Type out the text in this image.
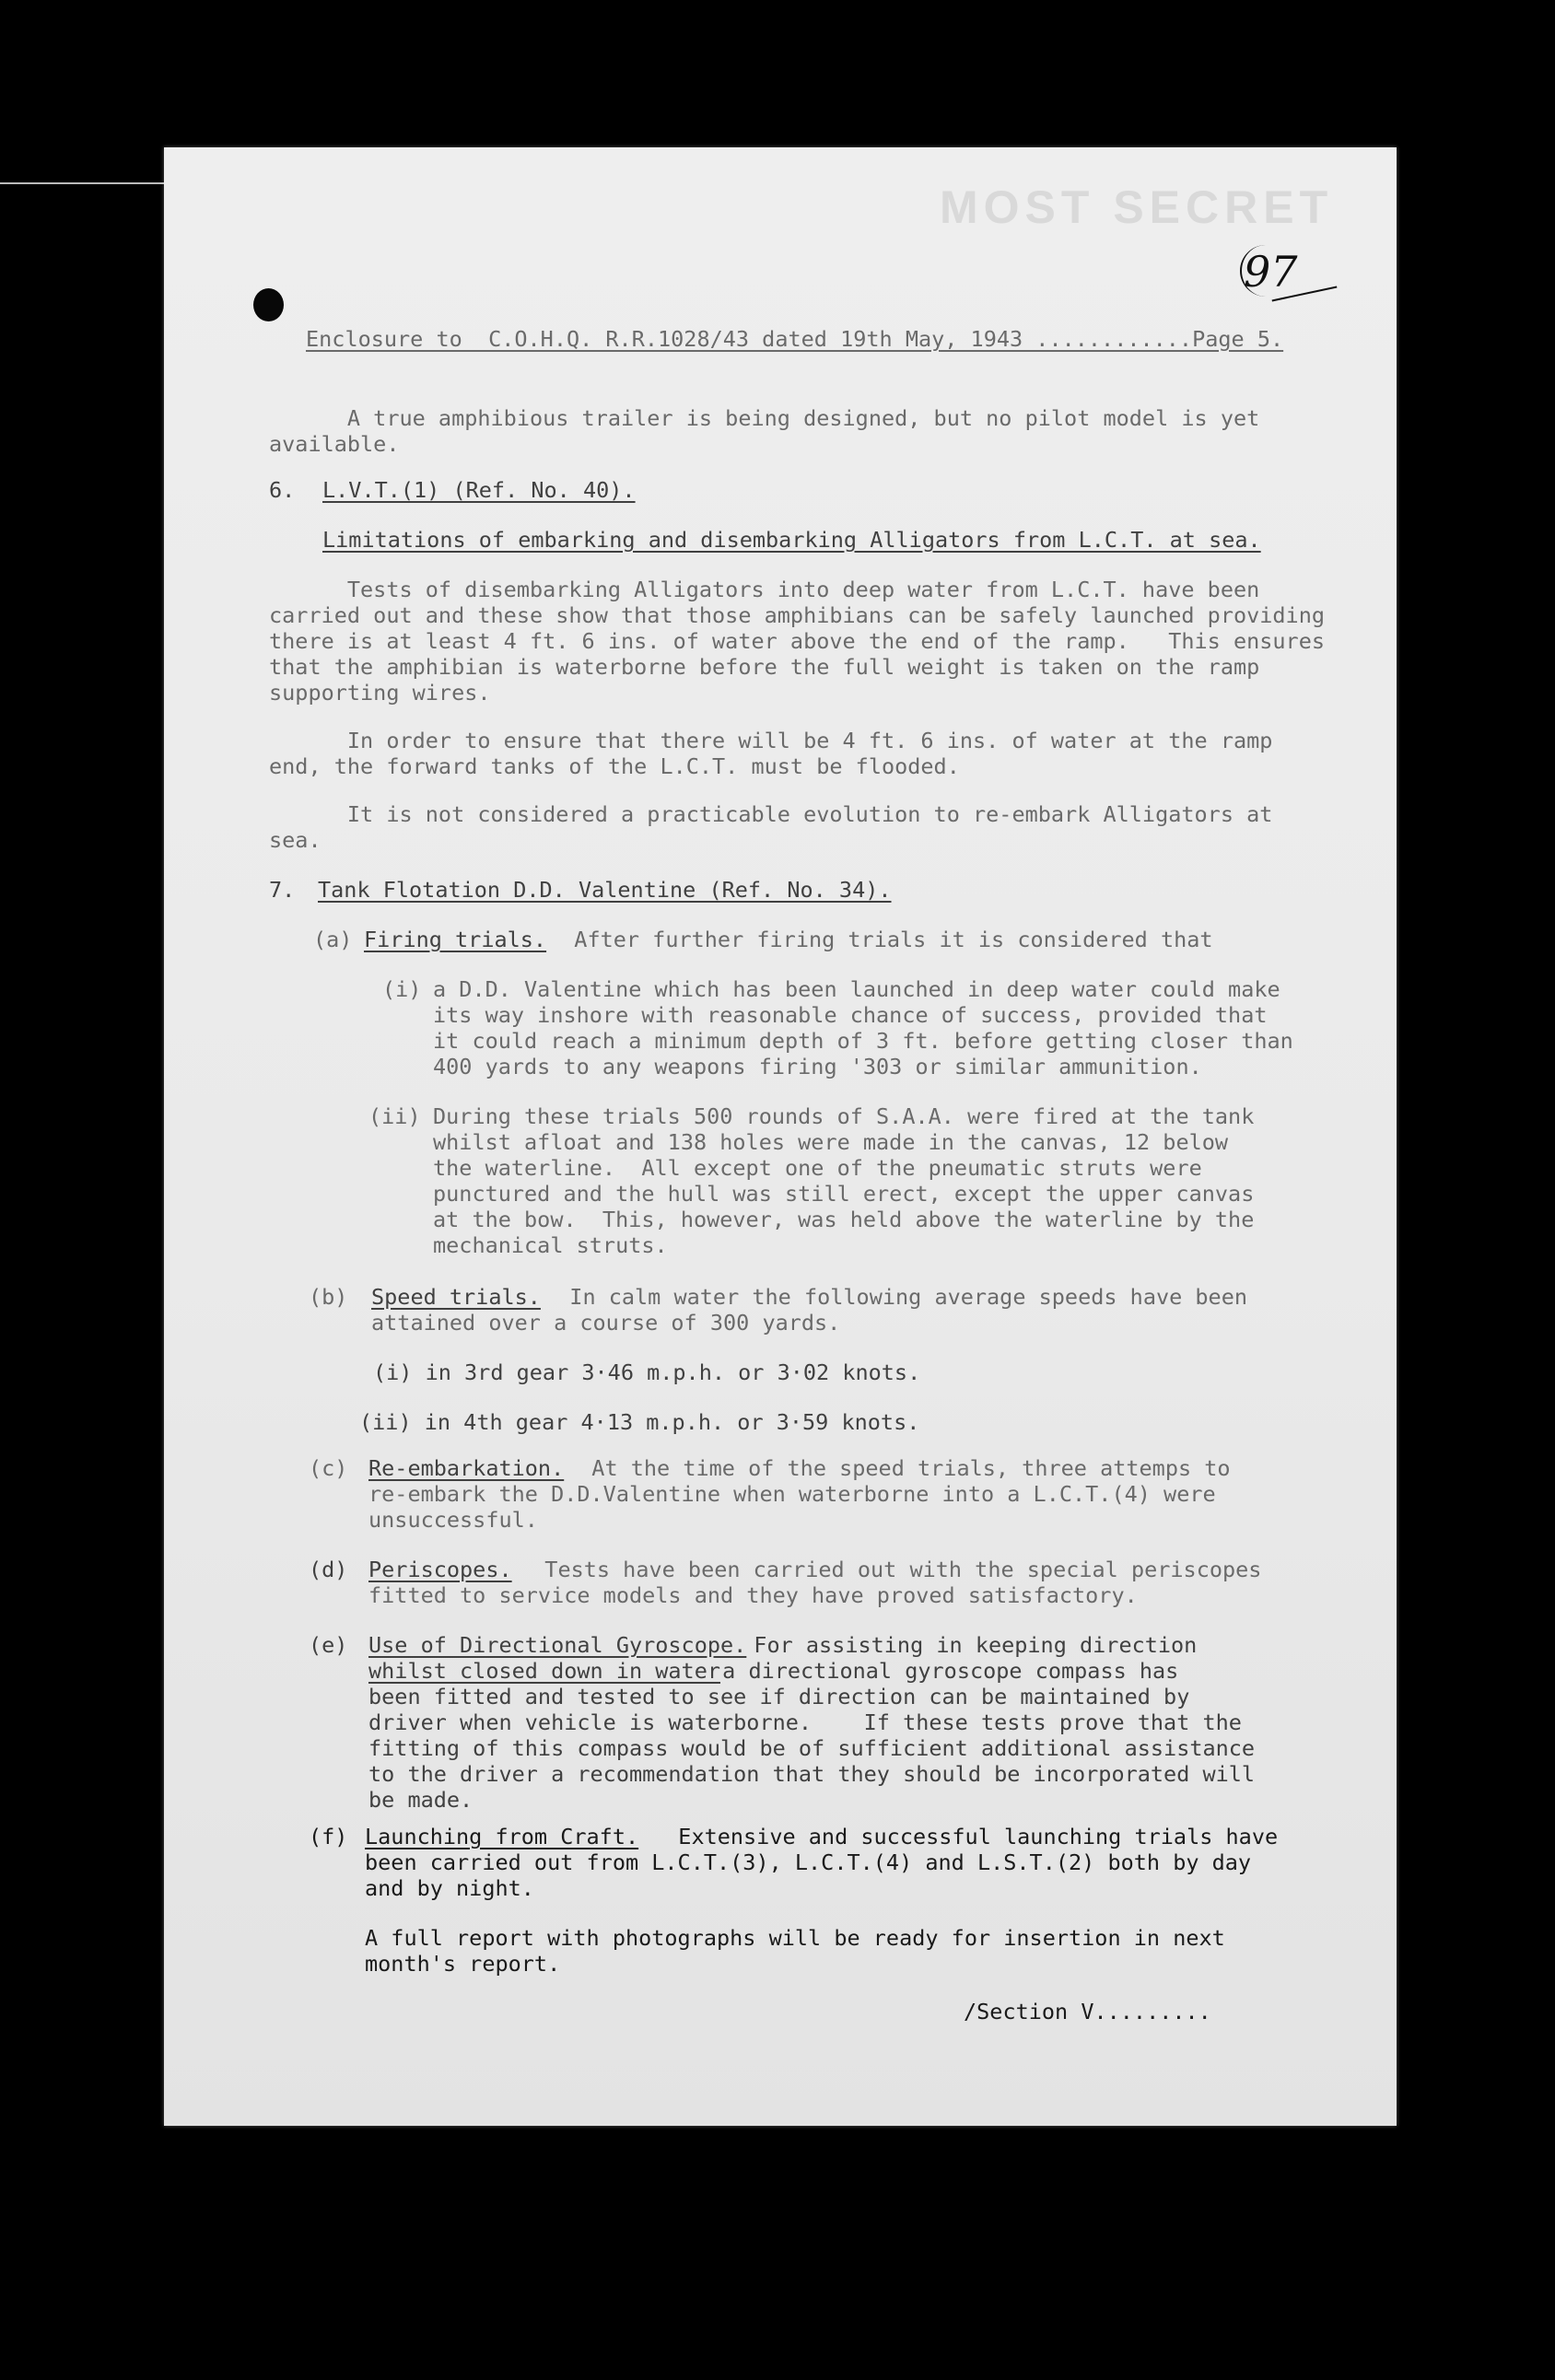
MOST SECRET
97
Enclosure to  C.O.H.Q. R.R.1028/43 dated 19th May, 1943 ............Page 5.
A true amphibious trailer is being designed, but no pilot model is yet
available.
6. L.V.T.(1) (Ref. No. 40).
Limitations of embarking and disembarking Alligators from L.C.T. at sea.
Tests of disembarking Alligators into deep water from L.C.T. have been
carried out and these show that those amphibians can be safely launched providing
there is at least 4 ft. 6 ins. of water above the end of the ramp.   This ensures
that the amphibian is waterborne before the full weight is taken on the ramp
supporting wires.
In order to ensure that there will be 4 ft. 6 ins. of water at the ramp
end, the forward tanks of the L.C.T. must be flooded.
It is not considered a practicable evolution to re-embark Alligators at
sea.
7. Tank Flotation D.D. Valentine (Ref. No. 34).
(a) Firing trials. After further firing trials it is considered that
(i) a D.D. Valentine which has been launched in deep water could make
its way inshore with reasonable chance of success, provided that
it could reach a minimum depth of 3 ft. before getting closer than
400 yards to any weapons firing '303 or similar ammunition.
(ii) During these trials 500 rounds of S.A.A. were fired at the tank
whilst afloat and 138 holes were made in the canvas, 12 below
the waterline.  All except one of the pneumatic struts were
punctured and the hull was still erect, except the upper canvas
at the bow.  This, however, was held above the waterline by the
mechanical struts.
(b) Speed trials. In calm water the following average speeds have been
attained over a course of 300 yards.
(i) in 3rd gear 3·46 m.p.h. or 3·02 knots.
(ii) in 4th gear 4·13 m.p.h. or 3·59 knots.
(c) Re-embarkation. At the time of the speed trials, three attemps to
re-embark the D.D.Valentine when waterborne into a L.C.T.(4) were
unsuccessful.
(d) Periscopes. Tests have been carried out with the special periscopes
fitted to service models and they have proved satisfactory.
(e) Use of Directional Gyroscope.
For assisting in keeping direction
whilst closed down in water
a directional gyroscope compass has
been fitted and tested to see if direction can be maintained by
driver when vehicle is waterborne.    If these tests prove that the
fitting of this compass would be of sufficient additional assistance
to the driver a recommendation that they should be incorporated will
be made.
(f) Launching from Craft. Extensive and successful launching trials have
been carried out from L.C.T.(3), L.C.T.(4) and L.S.T.(2) both by day
and by night.
A full report with photographs will be ready for insertion in next
month's report.
/Section V.........
